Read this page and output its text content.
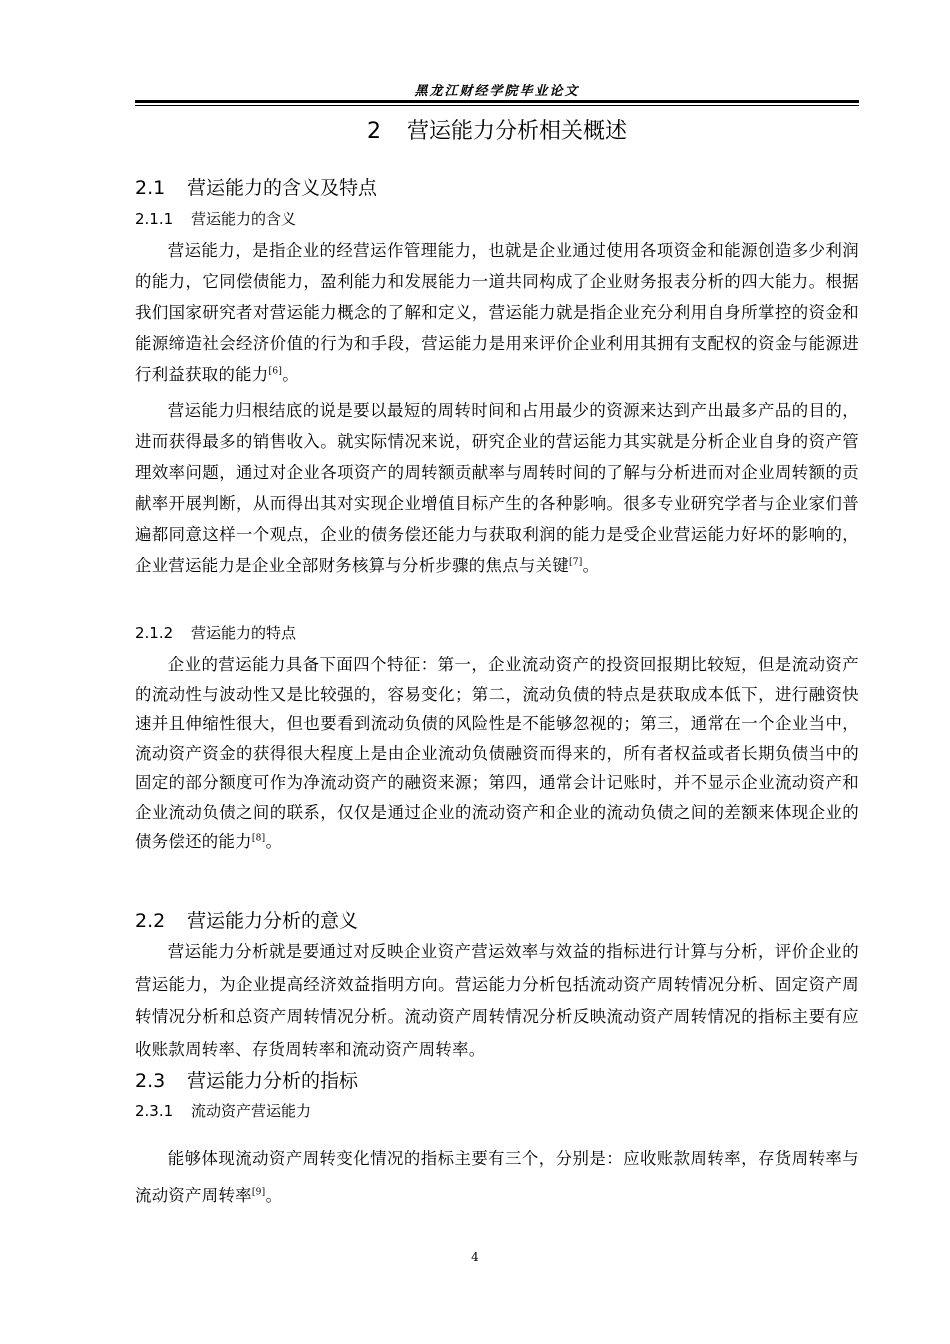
黑龙江财经学院毕业论文
2 营运能力分析相关概述
2.1 营运能力的含义及特点
2.1.1 营运能力的含义

营运能力，是指企业的经营运作管理能力，也就是企业通过使用各项资金和能源创造多少利润的能力，它同偿债能力，盈利能力和发展能力一道共同构成了企业财务报表分析的四大能力。根据我们国家研究者对营运能力概念的了解和定义，营运能力就是指企业充分利用自身所掌控的资金和能源缔造社会经济价值的行为和手段，营运能力是用来评价企业利用其拥有支配权的资金与能源进行利益获取的能力[6]。

营运能力归根结底的说是要以最短的周转时间和占用最少的资源来达到产出最多产品的目的，进而获得最多的销售收入。就实际情况来说，研究企业的营运能力其实就是分析企业自身的资产管理效率问题，通过对企业各项资产的周转额贡献率与周转时间的了解与分析进而对企业周转额的贡献率开展判断，从而得出其对实现企业增值目标产生的各种影响。很多专业研究学者与企业家们普遍都同意这样一个观点，企业的债务偿还能力与获取利润的能力是受企业营运能力好坏的影响的，企业营运能力是企业全部财务核算与分析步骤的焦点与关键[7]。

2.1.2 营运能力的特点

企业的营运能力具备下面四个特征：第一，企业流动资产的投资回报期比较短，但是流动资产的流动性与波动性又是比较强的，容易变化；第二，流动负债的特点是获取成本低下，进行融资快速并且伸缩性很大，但也要看到流动负债的风险性是不能够忽视的；第三，通常在一个企业当中，流动资产资金的获得很大程度上是由企业流动负债融资而得来的，所有者权益或者长期负债当中的固定的部分额度可作为净流动资产的融资来源；第四，通常会计记账时，并不显示企业流动资产和企业流动负债之间的联系，仅仅是通过企业的流动资产和企业的流动负债之间的差额来体现企业的债务偿还的能力[8]。

2.2 营运能力分析的意义

营运能力分析就是要通过对反映企业资产营运效率与效益的指标进行计算与分析，评价企业的营运能力，为企业提高经济效益指明方向。营运能力分析包括流动资产周转情况分析、固定资产周转情况分析和总资产周转情况分析。流动资产周转情况分析反映流动资产周转情况的指标主要有应收账款周转率、存货周转率和流动资产周转率。

2.3 营运能力分析的指标
2.3.1 流动资产营运能力

能够体现流动资产周转变化情况的指标主要有三个，分别是：应收账款周转率，存货周转率与流动资产周转率[9]。

4
